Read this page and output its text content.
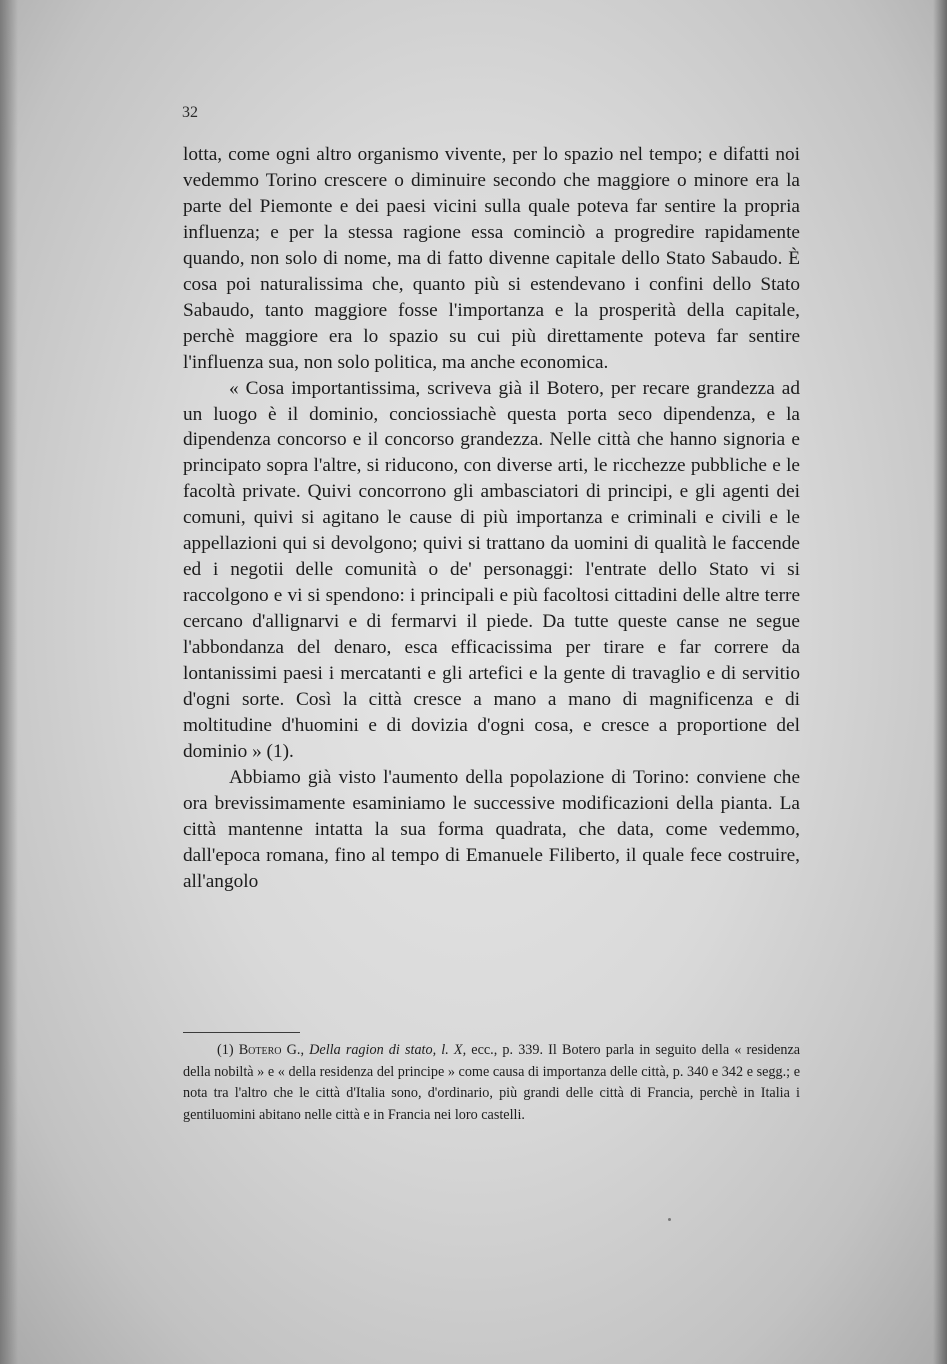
32

lotta, come ogni altro organismo vivente, per lo spazio nel tempo; e difatti noi vedemmo Torino crescere o diminuire secondo che maggiore o minore era la parte del Piemonte e dei paesi vicini sulla quale poteva far sentire la propria influenza; e per la stessa ragione essa cominciò a progredire rapidamente quando, non solo di nome, ma di fatto divenne capitale dello Stato Sabaudo. È cosa poi naturalissima che, quanto più si estendevano i confini dello Stato Sabaudo, tanto maggiore fosse l'importanza e la prosperità della capitale, perchè maggiore era lo spazio su cui più direttamente poteva far sentire l'influenza sua, non solo politica, ma anche economica.

« Cosa importantissima, scriveva già il Botero, per recare grandezza ad un luogo è il dominio, conciossiachè questa porta seco dipendenza, e la dipendenza concorso e il concorso grandezza. Nelle città che hanno signoria e principato sopra l'altre, si riducono, con diverse arti, le ricchezze pubbliche e le facoltà private. Quivi concorrono gli ambasciatori di principi, e gli agenti dei comuni, quivi si agitano le cause di più importanza e criminali e civili e le appellazioni qui si devolgono; quivi si trattano da uomini di qualità le faccende ed i negotii delle comunità o de' personaggi: l'entrate dello Stato vi si raccolgono e vi si spendono: i principali e più facoltosi cittadini delle altre terre cercano d'allignarvi e di fermarvi il piede. Da tutte queste canse ne segue l'abbondanza del denaro, esca efficacissima per tirare e far correre da lontanissimi paesi i mercatanti e gli artefici e la gente di travaglio e di servitio d'ogni sorte. Così la città cresce a mano a mano di magnificenza e di moltitudine d'huomini e di dovizia d'ogni cosa, e cresce a proportione del dominio » (1).

Abbiamo già visto l'aumento della popolazione di Torino: conviene che ora brevissimamente esaminiamo le successive modificazioni della pianta. La città mantenne intatta la sua forma quadrata, che data, come vedemmo, dall'epoca romana, fino al tempo di Emanuele Filiberto, il quale fece costruire, all'angolo

(1) Botero G., Della ragion di stato, l. X, ecc., p. 339. Il Botero parla in seguito della « residenza della nobiltà » e « della residenza del principe » come causa di importanza delle città, p. 340 e 342 e segg.; e nota tra l'altro che le città d'Italia sono, d'ordinario, più grandi delle città di Francia, perchè in Italia i gentiluomini abitano nelle città e in Francia nei loro castelli.
